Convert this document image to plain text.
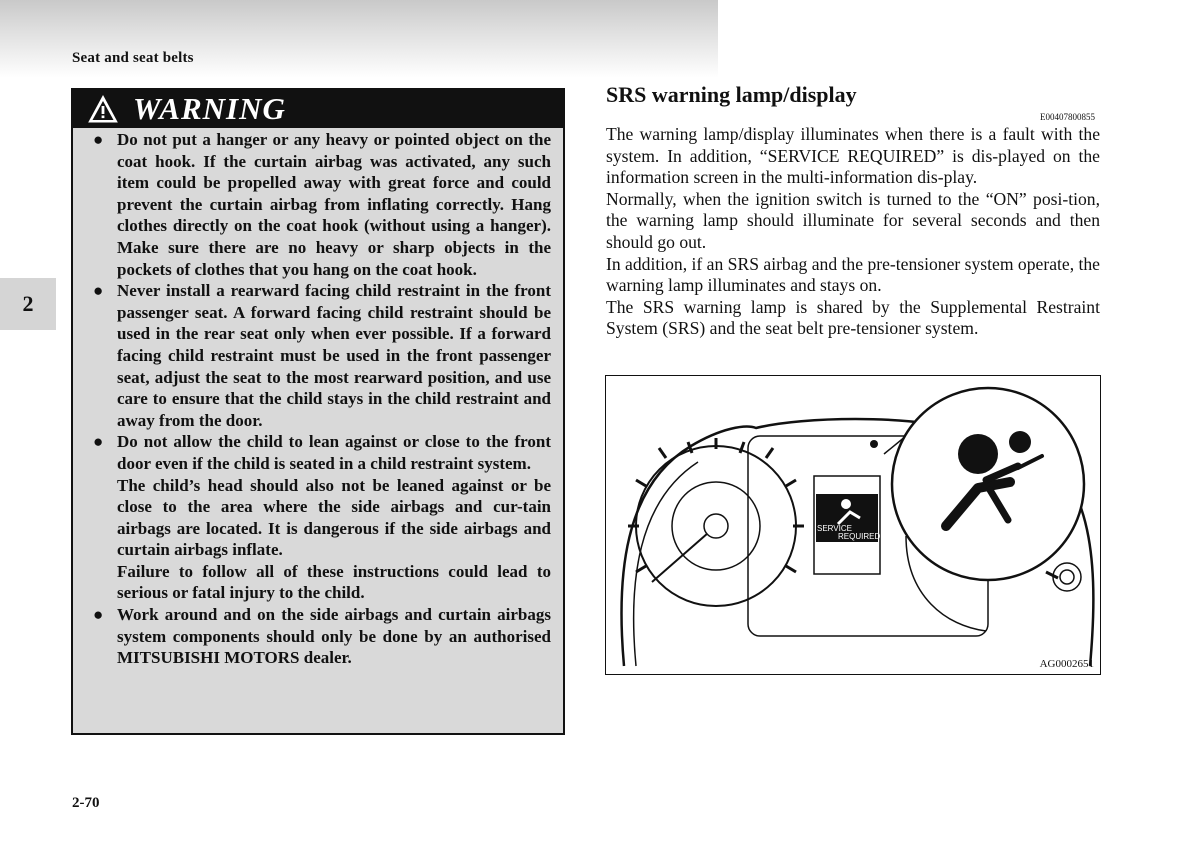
Seat and seat belts
2
WARNING
● Do not put a hanger or any heavy or pointed object on the coat hook. If the curtain airbag was activated, any such item could be propelled away with great force and could prevent the curtain airbag from inflating correctly. Hang clothes directly on the coat hook (without using a hanger). Make sure there are no heavy or sharp objects in the pockets of clothes that you hang on the coat hook.

● Never install a rearward facing child restraint in the front passenger seat. A forward facing child restraint should be used in the rear seat only when ever possible. If a forward facing child restraint must be used in the front passenger seat, adjust the seat to the most rearward position, and use care to ensure that the child stays in the child restraint and away from the door.

● Do not allow the child to lean against or close to the front door even if the child is seated in a child restraint system.

The child’s head should also not be leaned against or be close to the area where the side airbags and cur-tain airbags are located. It is dangerous if the side airbags and curtain airbags inflate.

Failure to follow all of these instructions could lead to serious or fatal injury to the child.

● Work around and on the side airbags and curtain airbags system components should only be done by an authorised MITSUBISHI MOTORS dealer.

SRS warning lamp/display
E00407800855

The warning lamp/display illuminates when there is a fault with the system. In addition, “SERVICE REQUIRED” is dis-played on the information screen in the multi-information dis-play.

Normally, when the ignition switch is turned to the “ON” posi-tion, the warning lamp should illuminate for several seconds and then should go out.

In addition, if an SRS airbag and the pre-tensioner system operate, the warning lamp illuminates and stays on.

The SRS warning lamp is shared by the Supplemental Restraint System (SRS) and the seat belt pre-tensioner system.

SERVICE
REQUIRED
AG0002651
2-70
